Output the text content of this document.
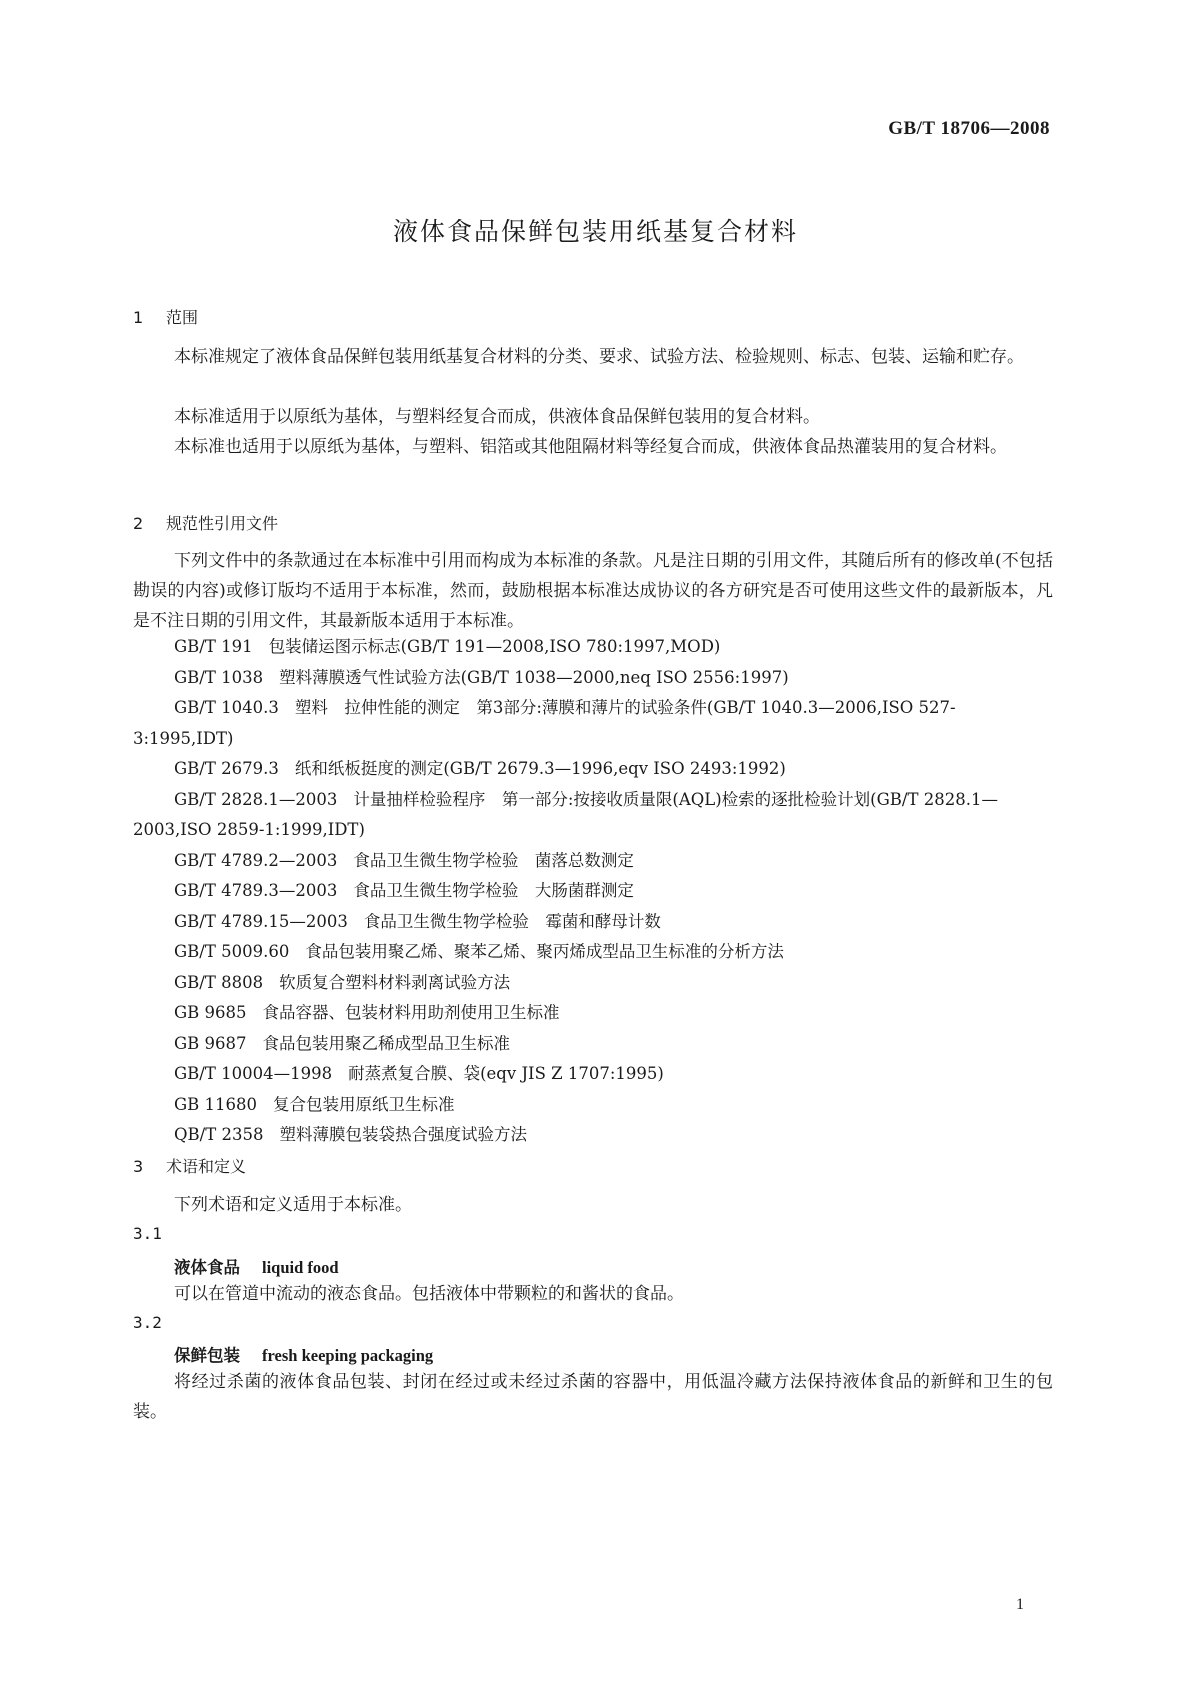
GB/T 18706—2008
液体食品保鲜包装用纸基复合材料
1 范围

本标准规定了液体食品保鲜包装用纸基复合材料的分类、要求、试验方法、检验规则、标志、包装、运输和贮存。

本标准适用于以原纸为基体，与塑料经复合而成，供液体食品保鲜包装用的复合材料。

本标准也适用于以原纸为基体，与塑料、铝箔或其他阻隔材料等经复合而成，供液体食品热灌装用的复合材料。

2 规范性引用文件

下列文件中的条款通过在本标准中引用而构成为本标准的条款。凡是注日期的引用文件，其随后所有的修改单(不包括勘误的内容)或修订版均不适用于本标准，然而，鼓励根据本标准达成协议的各方研究是否可使用这些文件的最新版本，凡是不注日期的引用文件，其最新版本适用于本标准。

GB/T 191 包装储运图示标志(GB/T 191—2008,ISO 780:1997,MOD)
GB/T 1038 塑料薄膜透气性试验方法(GB/T 1038—2000,neq ISO 2556:1997)
GB/T 1040.3 塑料　拉伸性能的测定　第3部分:薄膜和薄片的试验条件(GB/T 1040.3—2006,ISO 527-3:1995,IDT)
GB/T 2679.3 纸和纸板挺度的测定(GB/T 2679.3—1996,eqv ISO 2493:1992)
GB/T 2828.1—2003 计量抽样检验程序　第一部分:按接收质量限(AQL)检索的逐批检验计划(GB/T 2828.1—2003,ISO 2859-1:1999,IDT)
GB/T 4789.2—2003 食品卫生微生物学检验　菌落总数测定
GB/T 4789.3—2003 食品卫生微生物学检验　大肠菌群测定
GB/T 4789.15—2003 食品卫生微生物学检验　霉菌和酵母计数
GB/T 5009.60 食品包装用聚乙烯、聚苯乙烯、聚丙烯成型品卫生标准的分析方法
GB/T 8808 软质复合塑料材料剥离试验方法
GB 9685 食品容器、包装材料用助剂使用卫生标准
GB 9687 食品包装用聚乙稀成型品卫生标准
GB/T 10004—1998 耐蒸煮复合膜、袋(eqv JIS Z 1707:1995)
GB 11680 复合包装用原纸卫生标准
QB/T 2358 塑料薄膜包装袋热合强度试验方法
3 术语和定义

下列术语和定义适用于本标准。

3.1
液体食品 liquid food

可以在管道中流动的液态食品。包括液体中带颗粒的和酱状的食品。

3.2
保鲜包装 fresh keeping packaging

将经过杀菌的液体食品包装、封闭在经过或未经过杀菌的容器中，用低温冷藏方法保持液体食品的新鲜和卫生的包装。

1
